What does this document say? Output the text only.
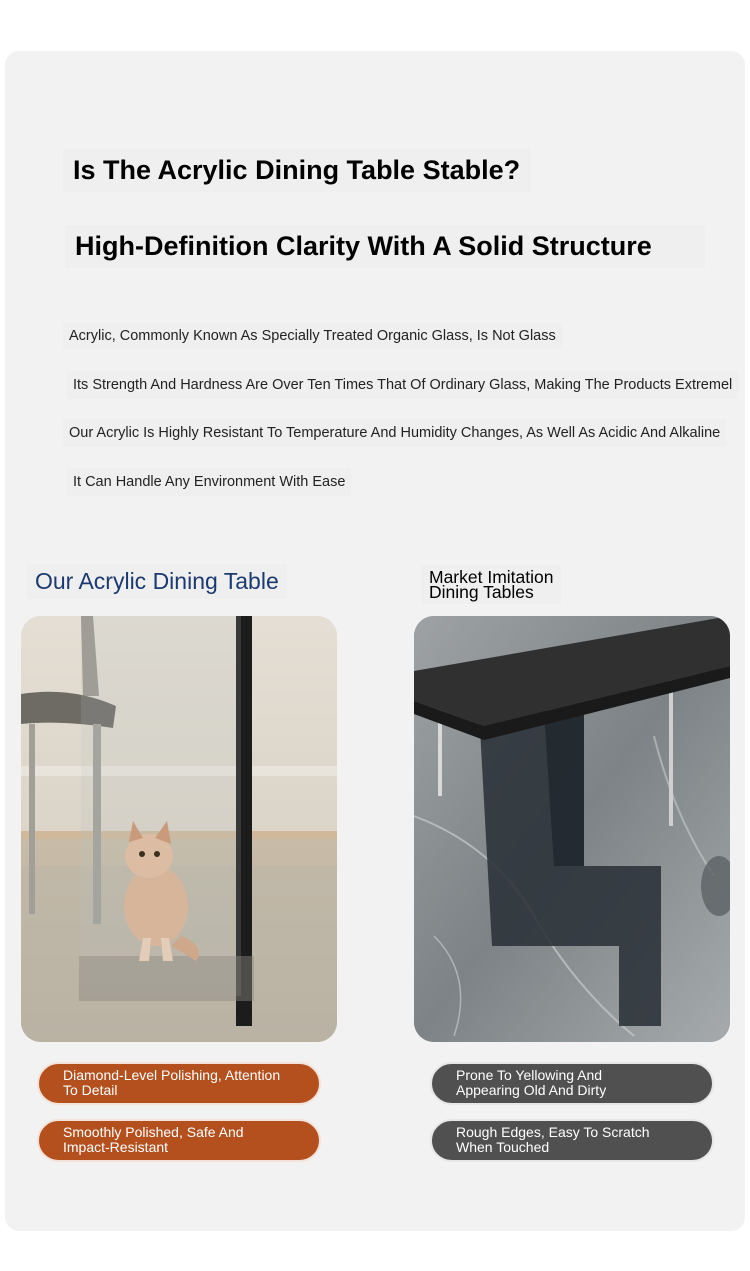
Is The Acrylic Dining Table Stable?
High-Definition Clarity With A Solid Structure
Acrylic, Commonly Known As Specially Treated Organic Glass, Is Not Glass
Its Strength And Hardness Are Over Ten Times That Of Ordinary Glass, Making The Products Extremel
Our Acrylic Is Highly Resistant To Temperature And Humidity Changes, As Well As Acidic And Alkaline
It Can Handle Any Environment With Ease
Our Acrylic Dining Table	Market Imitation
Dining Tables
Diamond-Level Polishing, Attention
To Detail
Smoothly Polished, Safe And
Impact-Resistant
Prone To Yellowing And
Appearing Old And Dirty
Rough Edges, Easy To Scratch
When Touched
